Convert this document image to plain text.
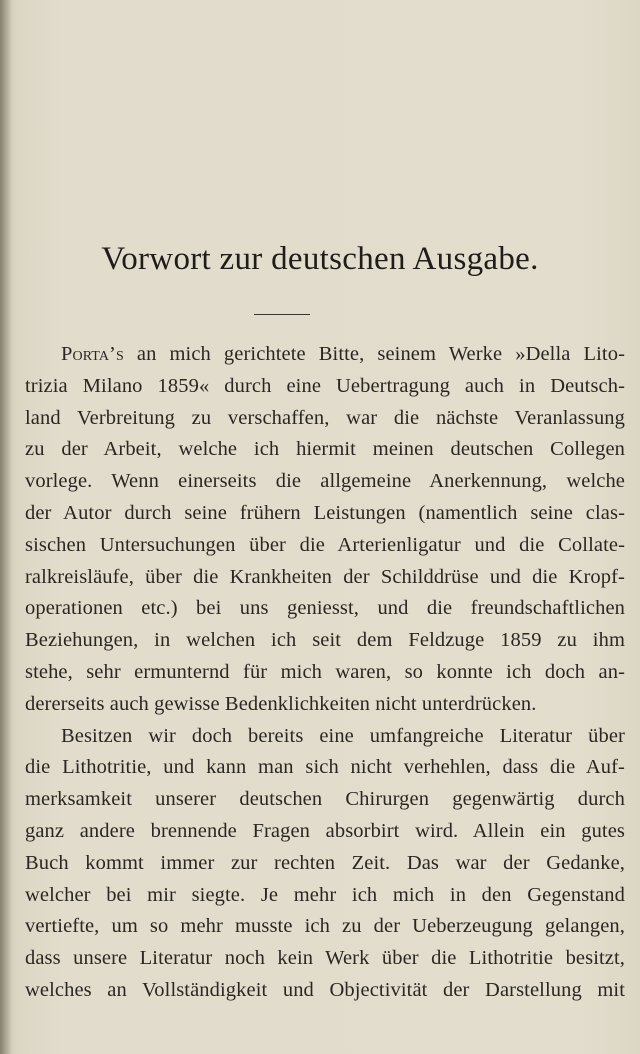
Vorwort zur deutschen Ausgabe.
Porta’s an mich gerichtete Bitte, seinem Werke »Della Lito-
trizia Milano 1859« durch eine Uebertragung auch in Deutsch-
land Verbreitung zu verschaffen, war die nächste Veranlassung
zu der Arbeit, welche ich hiermit meinen deutschen Collegen
vorlege. Wenn einerseits die allgemeine Anerkennung, welche
der Autor durch seine frühern Leistungen (namentlich seine clas-
sischen Untersuchungen über die Arterienligatur und die Collate-
ralkreisläufe, über die Krankheiten der Schilddrüse und die Kropf-
operationen etc.) bei uns geniesst, und die freundschaftlichen
Beziehungen, in welchen ich seit dem Feldzuge 1859 zu ihm
stehe, sehr ermunternd für mich waren, so konnte ich doch an-
dererseits auch gewisse Bedenklichkeiten nicht unterdrücken.
Besitzen wir doch bereits eine umfangreiche Literatur über
die Lithotritie, und kann man sich nicht verhehlen, dass die Auf-
merksamkeit unserer deutschen Chirurgen gegenwärtig durch
ganz andere brennende Fragen absorbirt wird. Allein ein gutes
Buch kommt immer zur rechten Zeit. Das war der Gedanke,
welcher bei mir siegte. Je mehr ich mich in den Gegenstand
vertiefte, um so mehr musste ich zu der Ueberzeugung gelangen,
dass unsere Literatur noch kein Werk über die Lithotritie besitzt,
welches an Vollständigkeit und Objectivität der Darstellung mit
